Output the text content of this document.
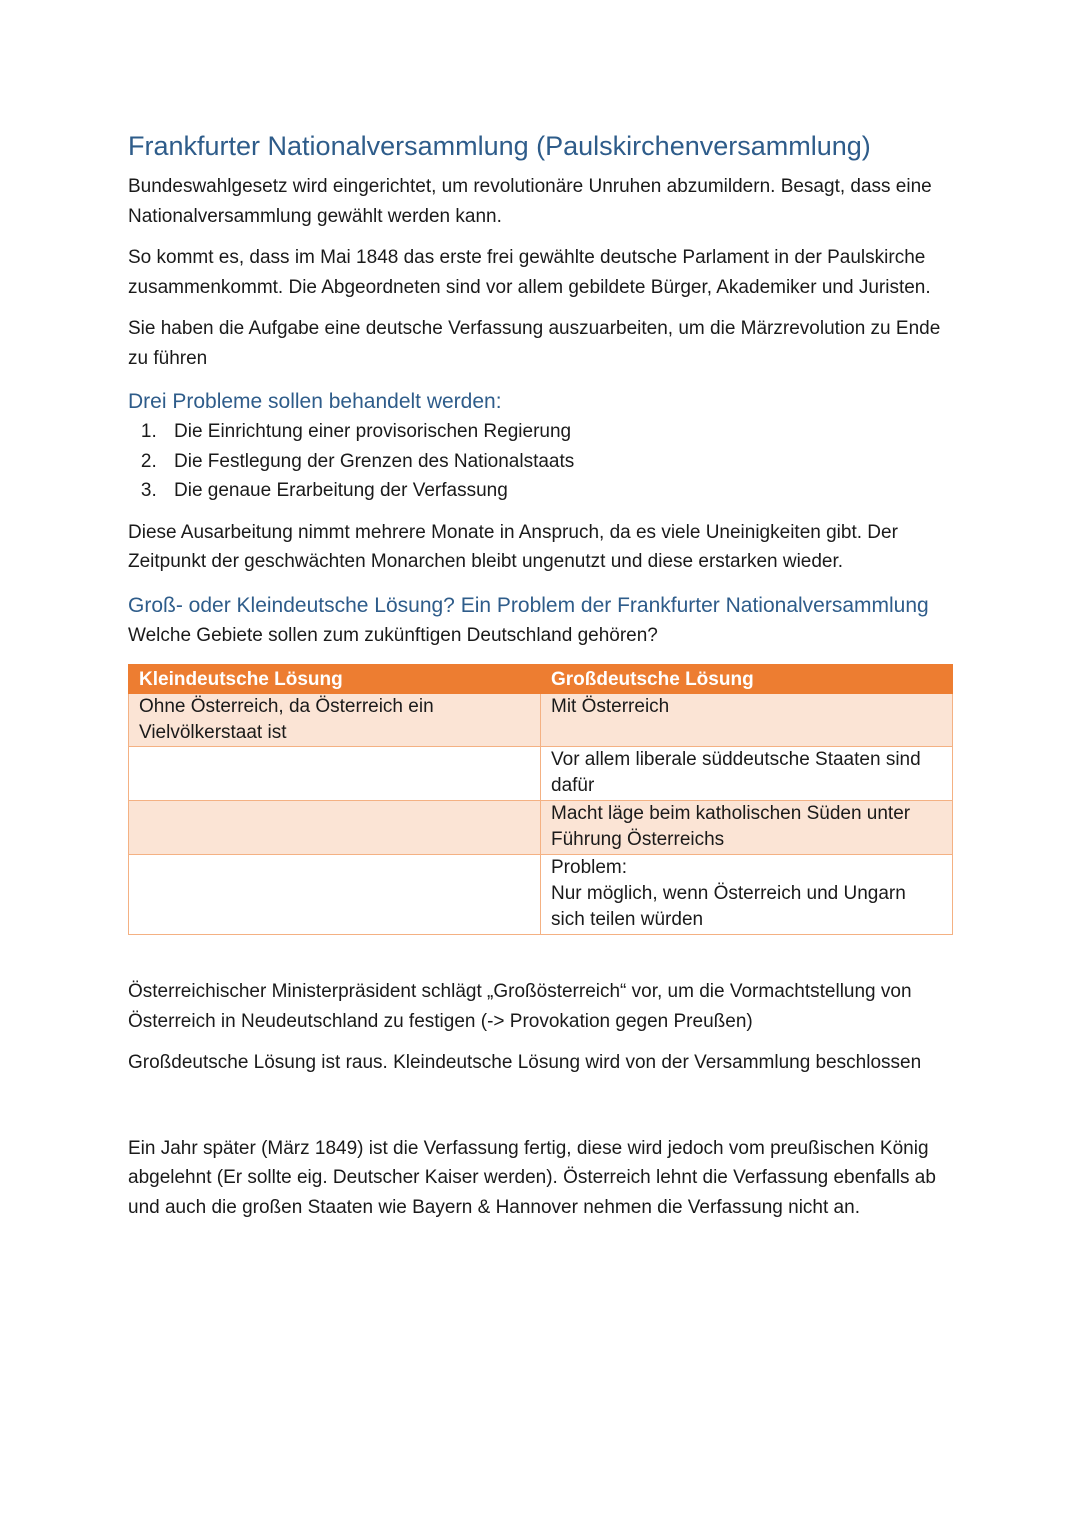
Frankfurter Nationalversammlung (Paulskirchenversammlung)

Bundeswahlgesetz wird eingerichtet, um revolutionäre Unruhen abzumildern. Besagt, dass eine Nationalversammlung gewählt werden kann.

So kommt es, dass im Mai 1848 das erste frei gewählte deutsche Parlament in der Paulskirche zusammenkommt. Die Abgeordneten sind vor allem gebildete Bürger, Akademiker und Juristen.

Sie haben die Aufgabe eine deutsche Verfassung auszuarbeiten, um die Märzrevolution zu Ende zu führen

Drei Probleme sollen behandelt werden:
1. Die Einrichtung einer provisorischen Regierung
2. Die Festlegung der Grenzen des Nationalstaats
3. Die genaue Erarbeitung der Verfassung

Diese Ausarbeitung nimmt mehrere Monate in Anspruch, da es viele Uneinigkeiten gibt. Der Zeitpunkt der geschwächten Monarchen bleibt ungenutzt und diese erstarken wieder.

Groß- oder Kleindeutsche Lösung? Ein Problem der Frankfurter Nationalversammlung

Welche Gebiete sollen zum zukünftigen Deutschland gehören?

Kleindeutsche Lösung	Großdeutsche Lösung
Ohne Österreich, da Österreich ein Vielvölkerstaat ist	Mit Österreich
	Vor allem liberale süddeutsche Staaten sind dafür
	Macht läge beim katholischen Süden unter Führung Österreichs

	Problem:
Nur möglich, wenn Österreich und Ungarn sich teilen würden

Österreichischer Ministerpräsident schlägt „Großösterreich“ vor, um die Vormachtstellung von Österreich in Neudeutschland zu festigen (-> Provokation gegen Preußen)

Großdeutsche Lösung ist raus. Kleindeutsche Lösung wird von der Versammlung beschlossen

Ein Jahr später (März 1849) ist die Verfassung fertig, diese wird jedoch vom preußischen König abgelehnt (Er sollte eig. Deutscher Kaiser werden). Österreich lehnt die Verfassung ebenfalls ab und auch die großen Staaten wie Bayern & Hannover nehmen die Verfassung nicht an.
